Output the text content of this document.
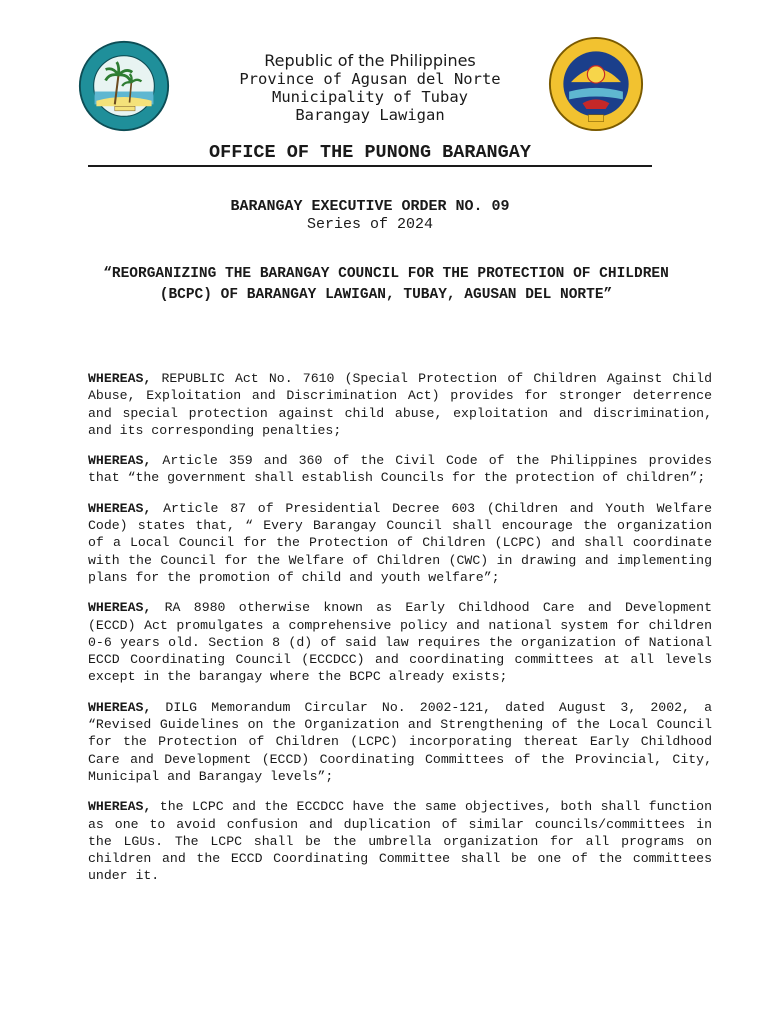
Republic of the Philippines
Province of Agusan del Norte
Municipality of Tubay
Barangay Lawigan
OFFICE OF THE PUNONG BARANGAY
BARANGAY EXECUTIVE ORDER NO. 09
Series of 2024
“REORGANIZING THE BARANGAY COUNCIL FOR THE PROTECTION OF CHILDREN (BCPC) OF BARANGAY LAWIGAN, TUBAY, AGUSAN DEL NORTE”

WHEREAS, REPUBLIC Act No. 7610 (Special Protection of Children Against Child Abuse, Exploitation and Discrimination Act) provides for stronger deterrence and special protection against child abuse, exploitation and discrimination, and its corresponding penalties;

WHEREAS, Article 359 and 360 of the Civil Code of the Philippines provides that “the government shall establish Councils for the protection of children”;

WHEREAS, Article 87 of Presidential Decree 603 (Children and Youth Welfare Code) states that, “ Every Barangay Council shall encourage the organization of a Local Council for the Protection of Children (LCPC) and shall coordinate with the Council for the Welfare of Children (CWC) in drawing and implementing plans for the promotion of child and youth welfare”;

WHEREAS, RA 8980 otherwise known as Early Childhood Care and Development (ECCD) Act promulgates a comprehensive policy and national system for children 0-6 years old. Section 8 (d) of said law requires the organization of National ECCD Coordinating Council (ECCDCC) and coordinating committees at all levels except in the barangay where the BCPC already exists;

WHEREAS, DILG Memorandum Circular No. 2002-121, dated August 3, 2002, a “Revised Guidelines on the Organization and Strengthening of the Local Council for the Protection of Children (LCPC) incorporating thereat Early Childhood Care and Development (ECCD) Coordinating Committees of the Provincial, City, Municipal and Barangay levels”;

WHEREAS, the LCPC and the ECCDCC have the same objectives, both shall function as one to avoid confusion and duplication of similar councils/committees in the LGUs. The LCPC shall be the umbrella organization for all programs on children and the ECCD Coordinating Committee shall be one of the committees under it.
